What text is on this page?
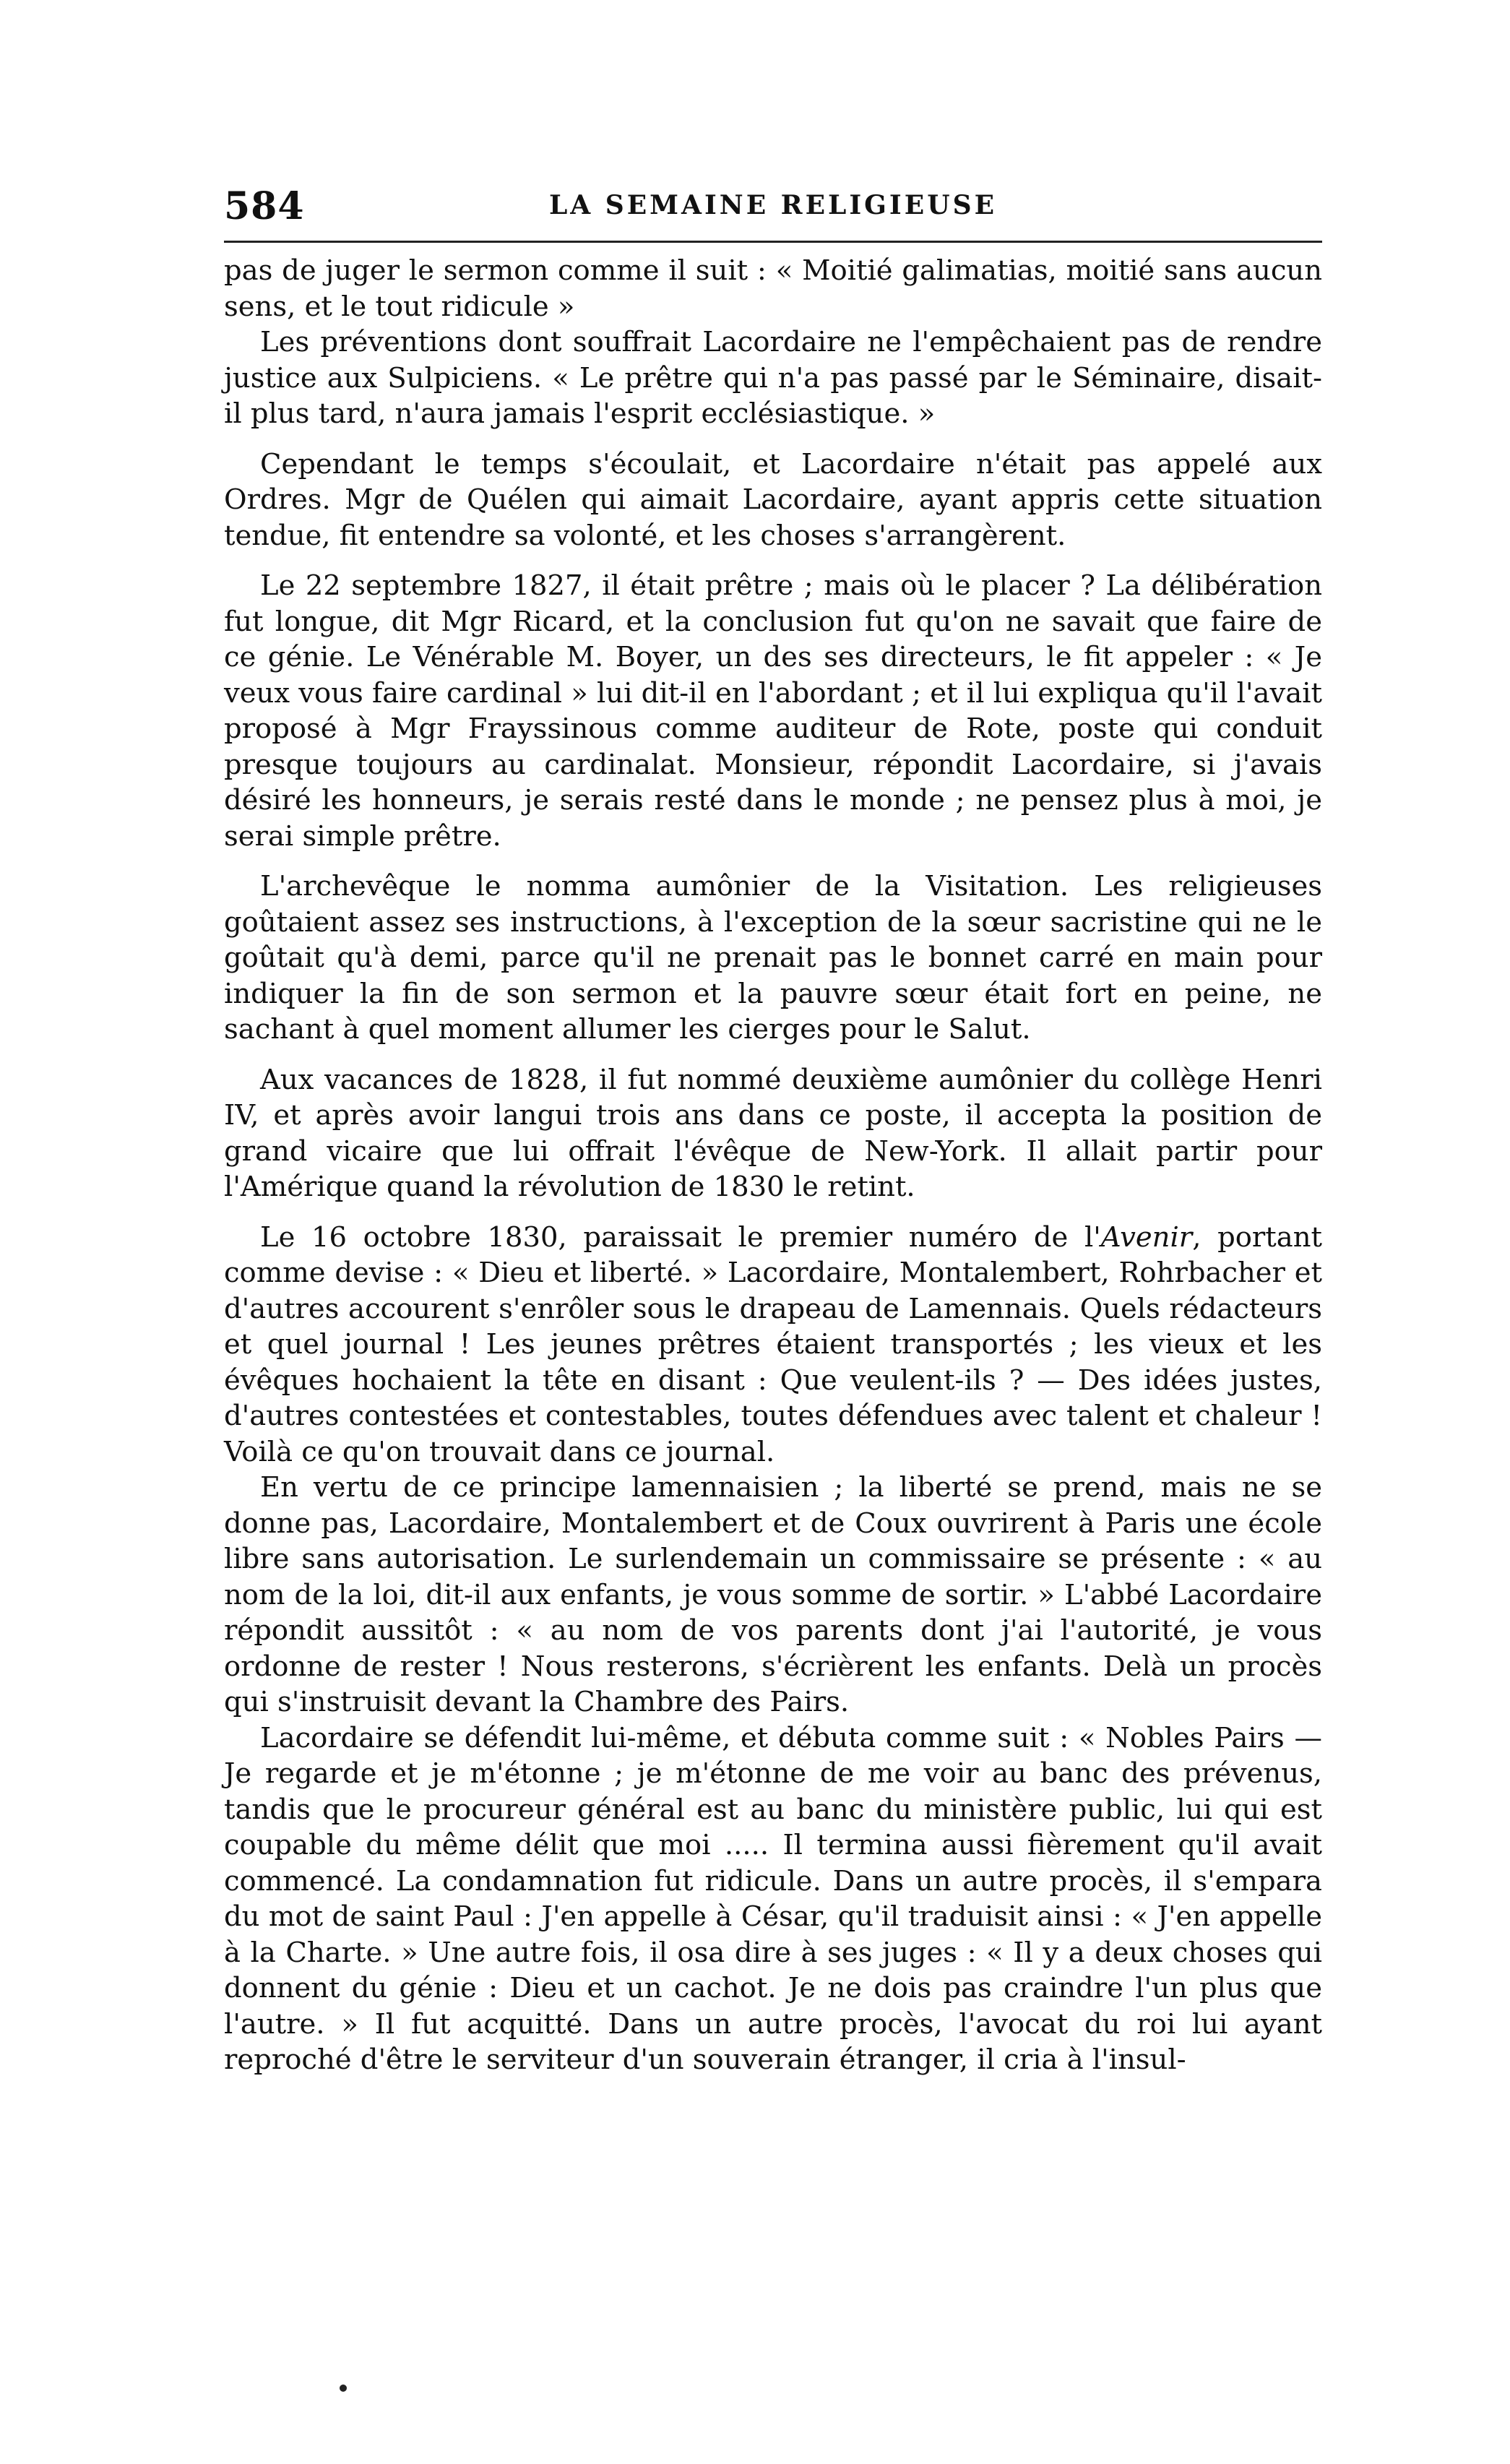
584	LA SEMAINE RELIGIEUSE

pas de juger le sermon comme il suit : « Moitié galimatias, moitié sans aucun sens, et le tout ridicule »

Les préventions dont souffrait Lacordaire ne l'empêchaient pas de rendre justice aux Sulpiciens. « Le prêtre qui n'a pas passé par le Séminaire, disait-il plus tard, n'aura jamais l'esprit ecclésiastique. »

Cependant le temps s'écoulait, et Lacordaire n'était pas appelé aux Ordres. Mgr de Quélen qui aimait Lacordaire, ayant appris cette situation tendue, fit entendre sa volonté, et les choses s'arrangèrent.

Le 22 septembre 1827, il était prêtre ; mais où le placer ? La délibération fut longue, dit Mgr Ricard, et la conclusion fut qu'on ne savait que faire de ce génie. Le Vénérable M. Boyer, un des ses directeurs, le fit appeler : « Je veux vous faire cardinal » lui dit-il en l'abordant ; et il lui expliqua qu'il l'avait proposé à Mgr Frayssinous comme auditeur de Rote, poste qui conduit presque toujours au cardinalat. Monsieur, répondit Lacordaire, si j'avais désiré les honneurs, je serais resté dans le monde ; ne pensez plus à moi, je serai simple prêtre.

L'archevêque le nomma aumônier de la Visitation. Les religieuses goûtaient assez ses instructions, à l'exception de la sœur sacristine qui ne le goûtait qu'à demi, parce qu'il ne prenait pas le bonnet carré en main pour indiquer la fin de son sermon et la pauvre sœur était fort en peine, ne sachant à quel moment allumer les cierges pour le Salut.

Aux vacances de 1828, il fut nommé deuxième aumônier du collège Henri IV, et après avoir langui trois ans dans ce poste, il accepta la position de grand vicaire que lui offrait l'évêque de New-York. Il allait partir pour l'Amérique quand la révolution de 1830 le retint.

Le 16 octobre 1830, paraissait le premier numéro de l'Avenir, portant comme devise : « Dieu et liberté. » Lacordaire, Montalembert, Rohrbacher et d'autres accourent s'enrôler sous le drapeau de Lamennais. Quels rédacteurs et quel journal ! Les jeunes prêtres étaient transportés ; les vieux et les évêques hochaient la tête en disant : Que veulent-ils ? — Des idées justes, d'autres contestées et contestables, toutes défendues avec talent et chaleur ! Voilà ce qu'on trouvait dans ce journal.

En vertu de ce principe lamennaisien ; la liberté se prend, mais ne se donne pas, Lacordaire, Montalembert et de Coux ouvrirent à Paris une école libre sans autorisation. Le surlendemain un commissaire se présente : « au nom de la loi, dit-il aux enfants, je vous somme de sortir. » L'abbé Lacordaire répondit aussitôt : « au nom de vos parents dont j'ai l'autorité, je vous ordonne de rester ! Nous resterons, s'écrièrent les enfants. Delà un procès qui s'instruisit devant la Chambre des Pairs.

Lacordaire se défendit lui-même, et débuta comme suit : « Nobles Pairs — Je regarde et je m'étonne ; je m'étonne de me voir au banc des prévenus, tandis que le procureur général est au banc du ministère public, lui qui est coupable du même délit que moi ..... Il termina aussi fièrement qu'il avait commencé. La condamnation fut ridicule. Dans un autre procès, il s'empara du mot de saint Paul : J'en appelle à César, qu'il traduisit ainsi : « J'en appelle à la Charte. » Une autre fois, il osa dire à ses juges : « Il y a deux choses qui donnent du génie : Dieu et un cachot. Je ne dois pas craindre l'un plus que l'autre. » Il fut acquitté. Dans un autre procès, l'avocat du roi lui ayant reproché d'être le serviteur d'un souverain étranger, il cria à l'insul-
